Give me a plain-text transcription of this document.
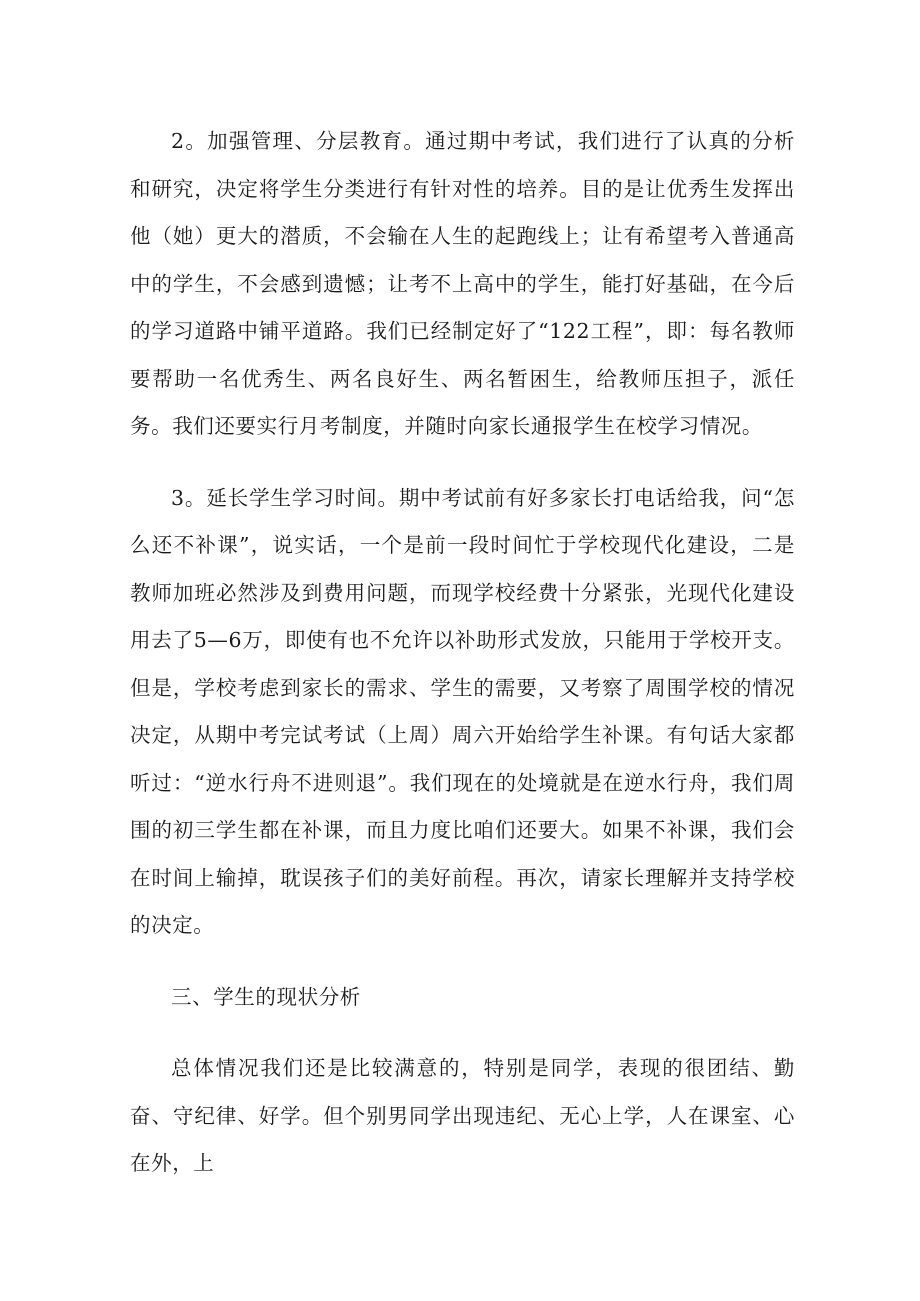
2。加强管理、分层教育。通过期中考试，我们进行了认真的分析和研究，决定将学生分类进行有针对性的培养。目的是让优秀生发挥出他（她）更大的潜质，不会输在人生的起跑线上；让有希望考入普通高中的学生，不会感到遗憾；让考不上高中的学生，能打好基础，在今后的学习道路中铺平道路。我们已经制定好了“122工程”，即：每名教师要帮助一名优秀生、两名良好生、两名暂困生，给教师压担子，派任务。我们还要实行月考制度，并随时向家长通报学生在校学习情况。

3。延长学生学习时间。期中考试前有好多家长打电话给我，问“怎么还不补课”，说实话，一个是前一段时间忙于学校现代化建设，二是教师加班必然涉及到费用问题，而现学校经费十分紧张，光现代化建设用去了5—6万，即使有也不允许以补助形式发放，只能用于学校开支。但是，学校考虑到家长的需求、学生的需要，又考察了周围学校的情况决定，从期中考完试考试（上周）周六开始给学生补课。有句话大家都听过：“逆水行舟不进则退”。我们现在的处境就是在逆水行舟，我们周围的初三学生都在补课，而且力度比咱们还要大。如果不补课，我们会在时间上输掉，耽误孩子们的美好前程。再次，请家长理解并支持学校的决定。

三、学生的现状分析

总体情况我们还是比较满意的，特别是同学，表现的很团结、勤奋、守纪律、好学。但个别男同学出现违纪、无心上学，人在课室、心在外，上
